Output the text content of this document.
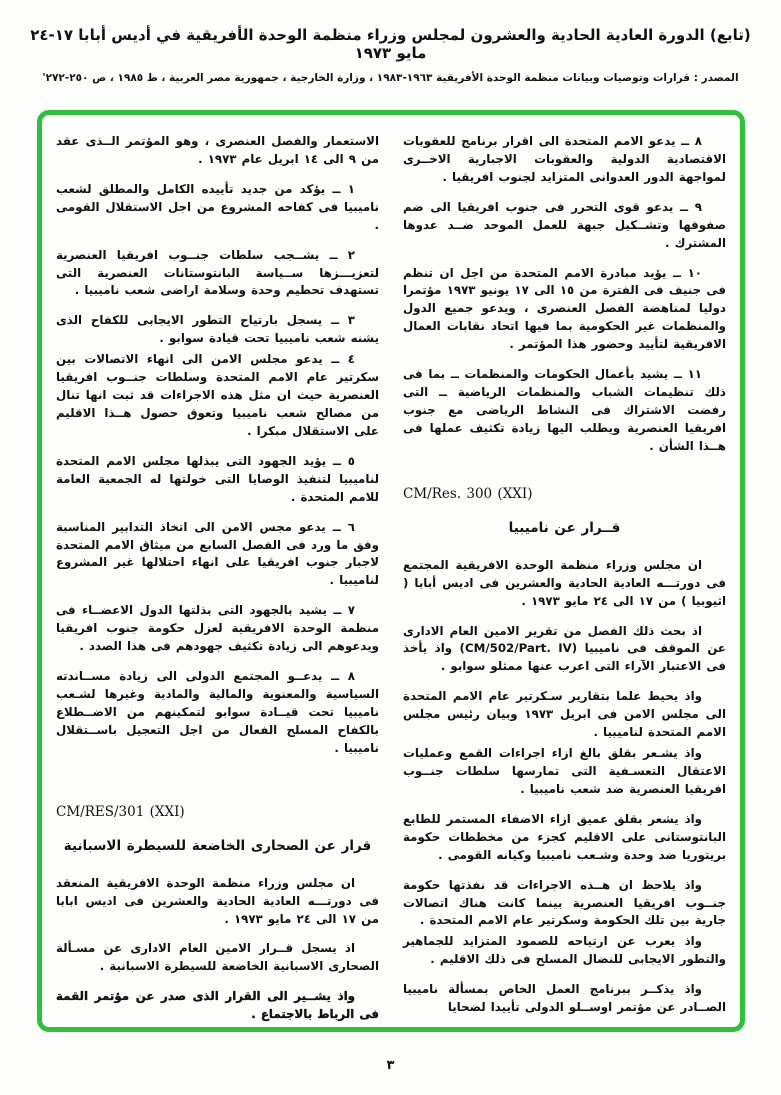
(تابع) الدورة العادية الحادية والعشرون لمجلس وزراء منظمة الوحدة الأفريقية في أديس أبابا ١٧-٢٤ مايو ١٩٧٣
المصدر : قرارات وتوصيات وبيانات منظمة الوحدة الأفريقية ١٩٦٣-١٩٨٣ ، وزارة الخارجية ، جمهورية مصر العربية ، ط ١٩٨٥ ، ص ٢٥٠-٢٧٢'

٨ ــ يدعو الامم المتحدة الى اقرار برنامج للعقوبات الاقتصادية الدولية والعقوبات الاجبارية الاخــرى لمواجهة الدور العدوانى المتزايد لجنوب افريقيا .

٩ ــ يدعو قوى التحرر فى جنوب افريقيا الى ضم صفوفها وتشــكيل جبهة للعمل الموحد ضــد عدوها المشترك .

١٠ ــ يؤيد مبادرة الامم المتحدة من اجل ان تنظم فى جنيف فى الفترة من ١٥ الى ١٧ يونيو ١٩٧٣ مؤتمرا دوليا لمناهضة الفصل العنصرى ، ويدعو جميع الدول والمنظمات غير الحكومية بما فيها اتحاد نقابات العمال الافريقية لتأييد وحضور هذا المؤتمر .

١١ ــ يشيد بأعمال الحكومات والمنظمات ــ بما فى ذلك تنظيمات الشباب والمنظمات الرياضية ــ التى رفضت الاشتراك فى النشاط الرياضى مع جنوب افريقيا العنصرية ويطلب اليها زيادة تكثيف عملها فى هــذا الشأن .

CM/Res. 300 (XXI)

قــرار عن ناميبيا

ان مجلس وزراء منظمة الوحدة الافريقية المجتمع فى دورتـــه العادية الحادية والعشرين فى اديس أبابا ( اثيوبيا ) من ١٧ الى ٢٤ مايو ١٩٧٣ .

اذ بحث ذلك الفصل من تقرير الامين العام الادارى عن الموقف فى ناميبيا (CM/502/Part. IV) واذ يأخذ فى الاعتبار الآراء التى اعرب عنها ممثلو سوابو .

واذ يحيط علما بتقارير سـكرتير عام الامم المتحدة الى مجلس الامن فى ابريل ١٩٧٣ وبيان رئيس مجلس الامم المتحدة لناميبيا .

واذ يشـعر بقلق بالغ ازاء اجراءات القمع وعمليات الاعتقال التعسـفية التى تمارسها سلطات جنــوب افريقيا العنصرية ضد شعب ناميبيا .

واذ يشعر بقلق عميق ازاء الاضفاء المستمر للطابع البانتوستانى على الاقليم كجزء من مخططات حكومة بريتوريا ضد وحدة وشـعب ناميبيا وكيانه القومى .

واذ يلاحظ ان هــذه الاجراءات قد نفذتها حكومة جنــوب افريقيا العنصرية بينما كانت هناك اتصالات جارية بين تلك الحكومة وسكرتير عام الامم المتحدة .

واذ يعرب عن ارتياحه للصمود المتزايد للجماهير والتطور الايجابى للنضال المسلح فى ذلك الاقليم .

واذ يذكــر ببرنامج العمل الخاص بمسألة ناميبيا الصــادر عن مؤتمر اوســلو الدولى تأييدا لضحايا

الاستعمار والفصل العنصرى ، وهو المؤتمر الــذى عقد من ٩ الى ١٤ ابريل عام ١٩٧٣ .

١ ــ يؤكد من جديد تأييده الكامل والمطلق لشعب ناميبيا فى كفاحه المشروع من اجل الاستقلال القومى .

٢ ــ يشــجب سلطات جنــوب افريقيا العنصرية لتعزيـــزها ســياسة البانتوستانات العنصرية التى تستهدف تحطيم وحدة وسلامة اراضى شعب ناميبيا .

٣ ــ يسجل بارتياح التطور الايجابى للكفاح الذى يشنه شعب ناميبيا تحت قيادة سوابو .

٤ ــ يدعو مجلس الامن الى انهاء الاتصالات بين سكرتير عام الامم المتحدة وسلطات جنــوب افريقيا العنصرية حيث ان مثل هذه الاجراءات قد ثبت انها تنال من مصالح شعب ناميبيا وتعوق حصول هــذا الاقليم على الاستقلال مبكرا .

٥ ــ يؤيد الجهود التى يبذلها مجلس الامم المتحدة لناميبيا لتنفيذ الوصايا التى خولتها له الجمعية العامة للامم المتحدة .

٦ ــ يدعو مجس الامن الى اتخاذ التدابير المناسبة وفق ما ورد فى الفصل السابع من ميثاق الامم المتحدة لاجبار جنوب افريقيا على انهاء احتلالها غير المشروع لناميبيا .

٧ ــ يشيد بالجهود التى بذلتها الدول الاعضــاء فى منظمة الوحدة الافريقية لعزل حكومة جنوب افريقيا ويدعوهم الى زيادة تكثيف جهودهم فى هذا الصدد .

٨ ــ يدعــو المجتمع الدولى الى زيادة مســاندته السياسية والمعنوية والمالية والمادية وغيرها لشـعب ناميبيا تحت قيــادة سوابو لتمكينهم من الاضــطلاع بالكفاح المسلح الفعال من اجل التعجيل باســتقلال ناميبيا .

CM/RES/301 (XXI)

قرار عن الصحارى الخاضعة للسيطرة الاسبانية

ان مجلس وزراء منظمة الوحدة الافريقية المنعقد فى دورتـــه العادية الحادية والعشرين فى اديس ابابا من ١٧ الى ٢٤ مايو ١٩٧٣ .

اذ يسجل قــرار الامين العام الادارى عن مسـألة الصحارى الاسبانية الخاضعة للسيطرة الاسبانية .

واذ يشــير الى القرار الذى صدر عن مؤتمر القمة فى الرباط بالاجتماع .

٣
